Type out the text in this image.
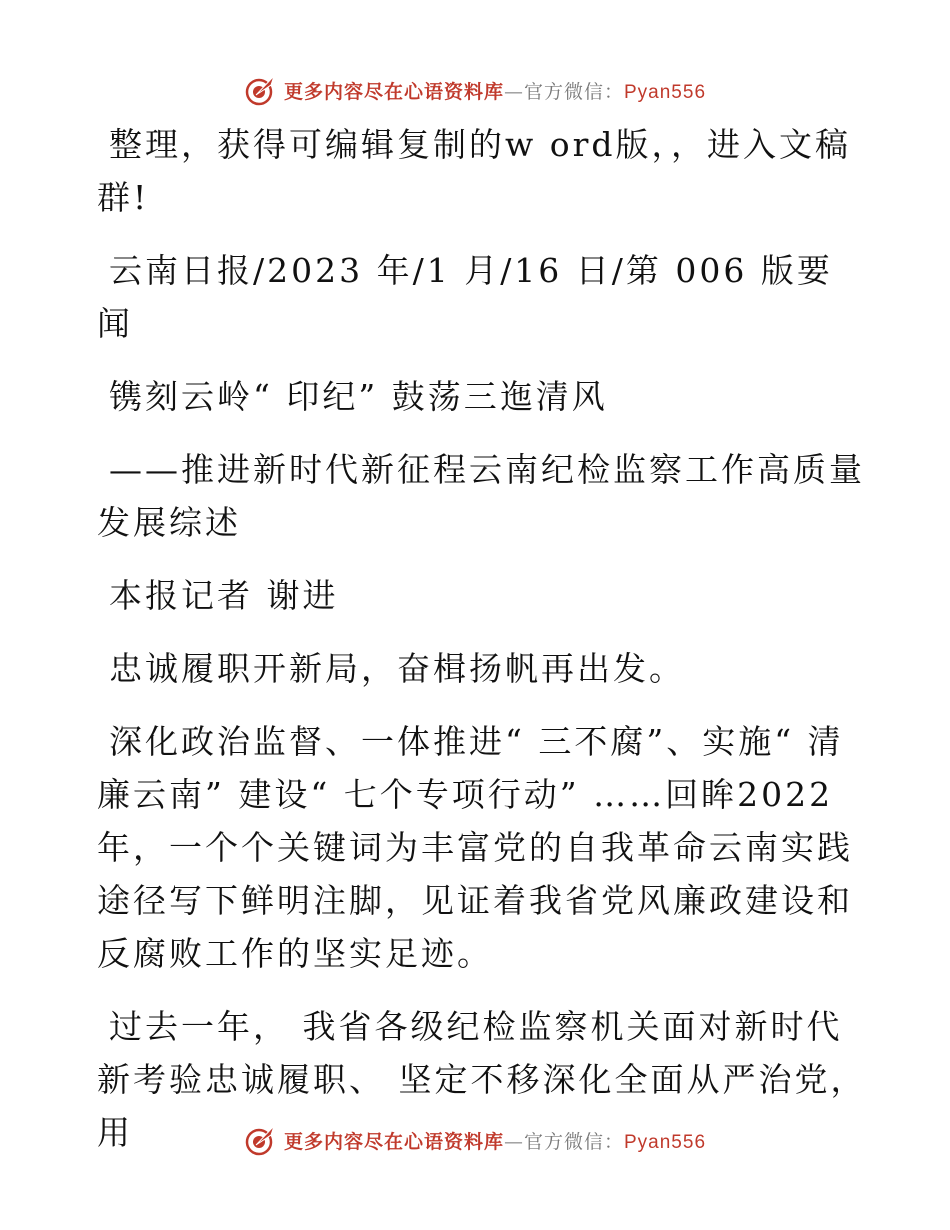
更多内容尽在心语资料库—官方微信：Pyan556

整理，获得可编辑复制的w ord版，，进入文稿群!

云南日报/2023 年/1 月/16 日/第 006 版要闻

镌刻云岭“ 印纪” 鼓荡三迤清风

——推进新时代新征程云南纪检监察工作高质量发展综述

本报记者 谢进

忠诚履职开新局，奋楫扬帆再出发。

深化政治监督、一体推进“ 三不腐”、实施“ 清廉云南” 建设“ 七个专项行动” ……回眸2022年，一个个关键词为丰富党的自我革命云南实践途径写下鲜明注脚，见证着我省党风廉政建设和反腐败工作的坚实足迹。

过去一年， 我省各级纪检监察机关面对新时代新考验忠诚履职、 坚定不移深化全面从严治党，用	更多内容尽在心语资料库—官方微信：Pyan556
